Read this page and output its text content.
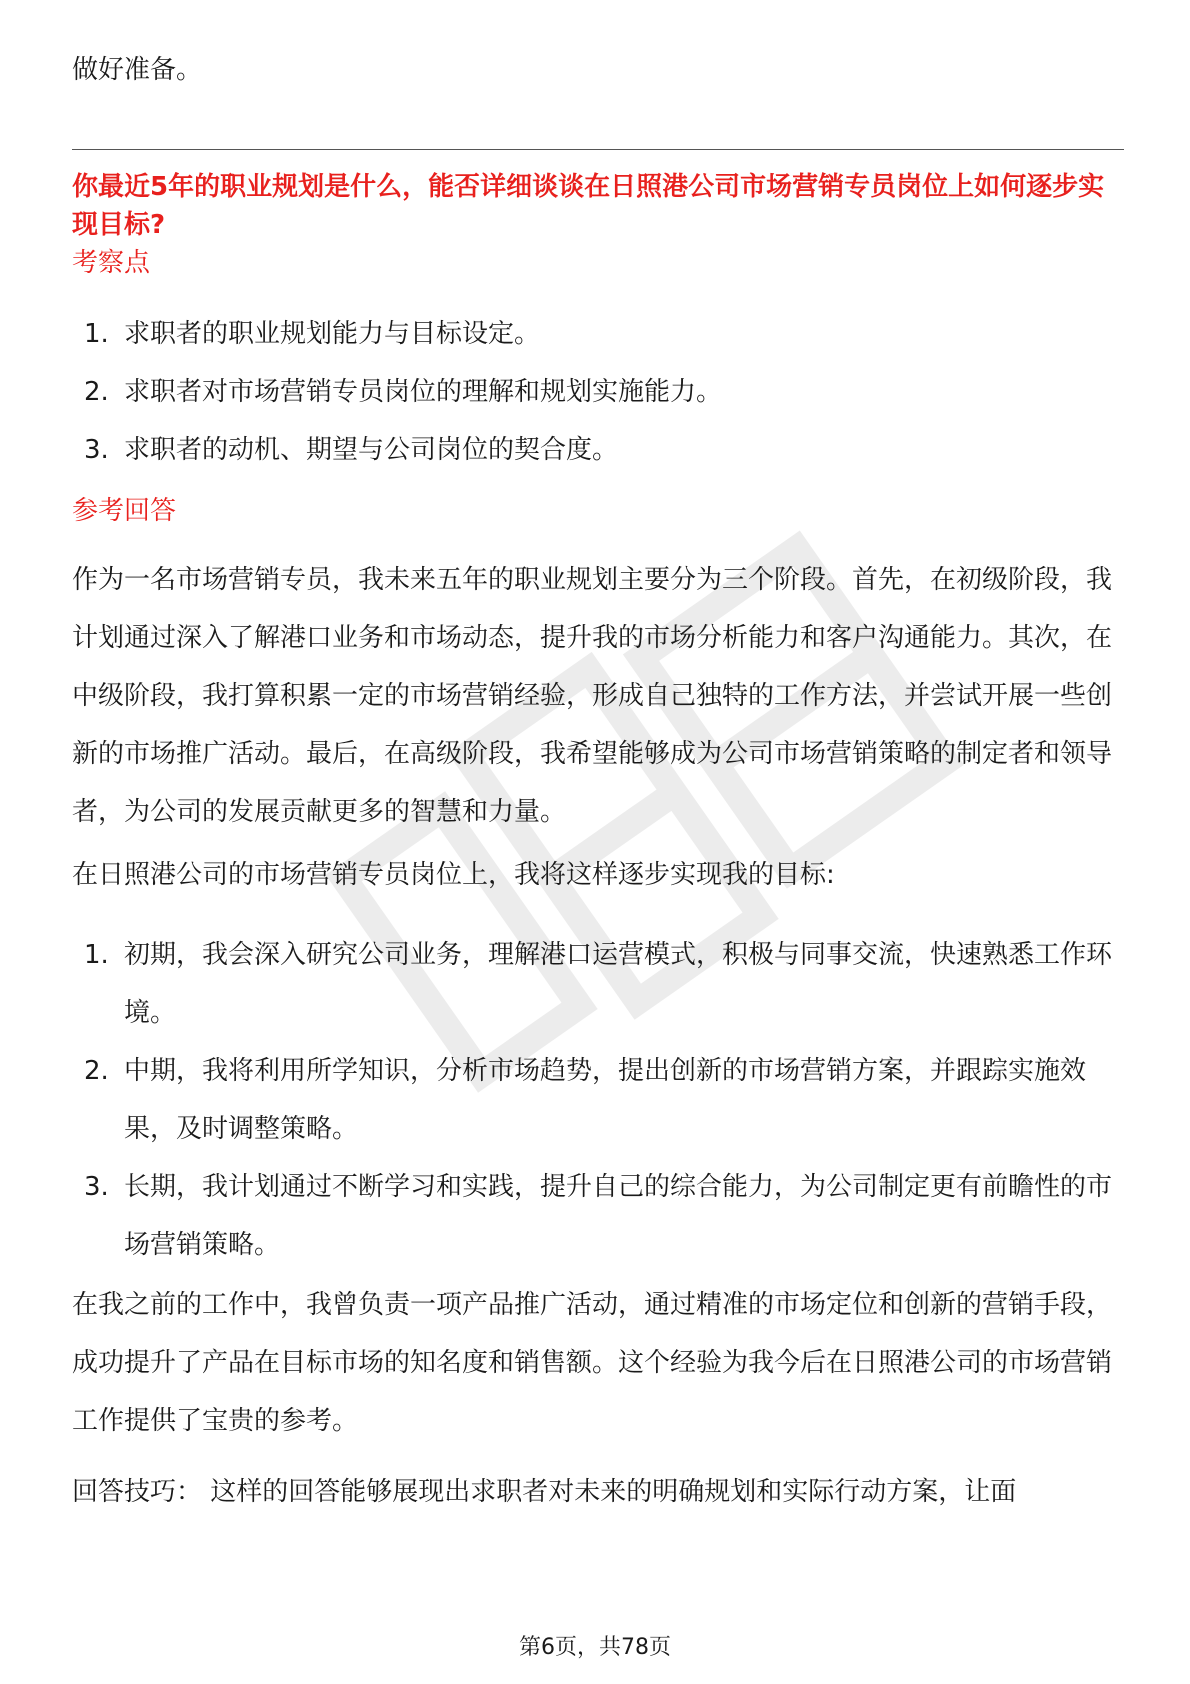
做好准备。

你最近5年的职业规划是什么，能否详细谈谈在日照港公司市场营销专员岗位上如何逐步实现目标?

考察点
1. 求职者的职业规划能力与目标设定。
2. 求职者对市场营销专员岗位的理解和规划实施能力。
3. 求职者的动机、期望与公司岗位的契合度。
参考回答

作为一名市场营销专员，我未来五年的职业规划主要分为三个阶段。首先，在初级阶段，我计划通过深入了解港口业务和市场动态，提升我的市场分析能力和客户沟通能力。其次，在中级阶段，我打算积累一定的市场营销经验，形成自己独特的工作方法，并尝试开展一些创新的市场推广活动。最后，在高级阶段，我希望能够成为公司市场营销策略的制定者和领导者，为公司的发展贡献更多的智慧和力量。

在日照港公司的市场营销专员岗位上，我将这样逐步实现我的目标:

1. 初期，我会深入研究公司业务，理解港口运营模式，积极与同事交流，快速熟悉工作环境。
2. 中期，我将利用所学知识，分析市场趋势，提出创新的市场营销方案，并跟踪实施效果，及时调整策略。
3. 长期，我计划通过不断学习和实践，提升自己的综合能力，为公司制定更有前瞻性的市场营销策略。

在我之前的工作中，我曾负责一项产品推广活动，通过精准的市场定位和创新的营销手段，成功提升了产品在目标市场的知名度和销售额。这个经验为我今后在日照港公司的市场营销工作提供了宝贵的参考。

回答技巧： 这样的回答能够展现出求职者对未来的明确规划和实际行动方案，让面

第6页，共78页
